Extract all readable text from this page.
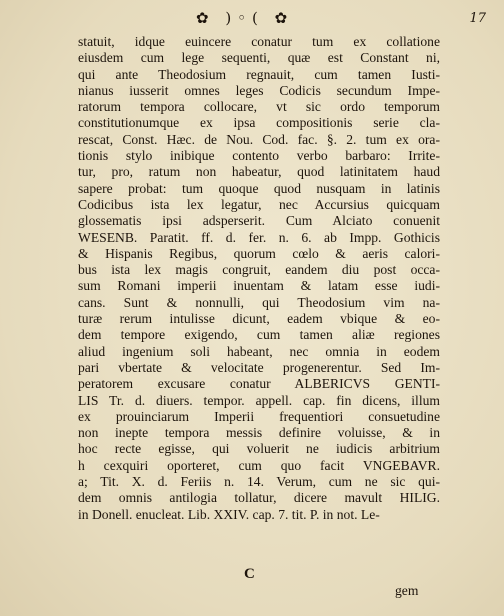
✿ )◦( ✿	17
statuit, idque euincere conatur tum ex collatione
eiusdem cum lege sequenti, quæ est Constant ni,
qui ante Theodosium regnauit, cum tamen Iusti-
nianus iusserit omnes leges Codicis secundum Impe-
ratorum tempora collocare, vt sic ordo temporum
constitutionumque ex ipsa compositionis serie cla-
rescat, Const. Hæc. de Nou. Cod. fac. §. 2. tum ex ora-
tionis stylo inibique contento verbo barbaro: Irrite-
tur, pro, ratum non habeatur, quod latinitatem haud
sapere probat: tum quoque quod nusquam in latinis
Codicibus ista lex legatur, nec Accursius quicquam
glossematis ipsi adsperserit. Cum Alciato conuenit
WESENB. Paratit. ff. d. fer. n. 6. ab Impp. Gothicis
& Hispanis Regibus, quorum cœlo & aeris calori-
bus ista lex magis congruit, eandem diu post occa-
sum Romani imperii inuentam & latam esse iudi-
cans. Sunt & nonnulli, qui Theodosium vim na-
turæ rerum intulisse dicunt, eadem vbique & eo-
dem tempore exigendo, cum tamen aliæ regiones
aliud ingenium soli habeant, nec omnia in eodem
pari vbertate & velocitate progenerentur. Sed Im-
peratorem excusare conatur ALBERICVS GENTI-
LIS Tr. d. diuers. tempor. appell. cap. fin dicens, illum
ex prouinciarum Imperii frequentiori consuetudine
non inepte tempora messis definire voluisse, & in
hoc recte egisse, qui voluerit ne iudicis arbitrium
h cexquiri oporteret, cum quo facit VNGEBAVR.
a; Tit. X. d. Feriis n. 14. Verum, cum ne sic qui-
dem omnis antilogia tollatur, dicere mavult HILIG.
in Donell. enucleat. Lib. XXIV. cap. 7. tit. P. in not. Le-
C
gem
